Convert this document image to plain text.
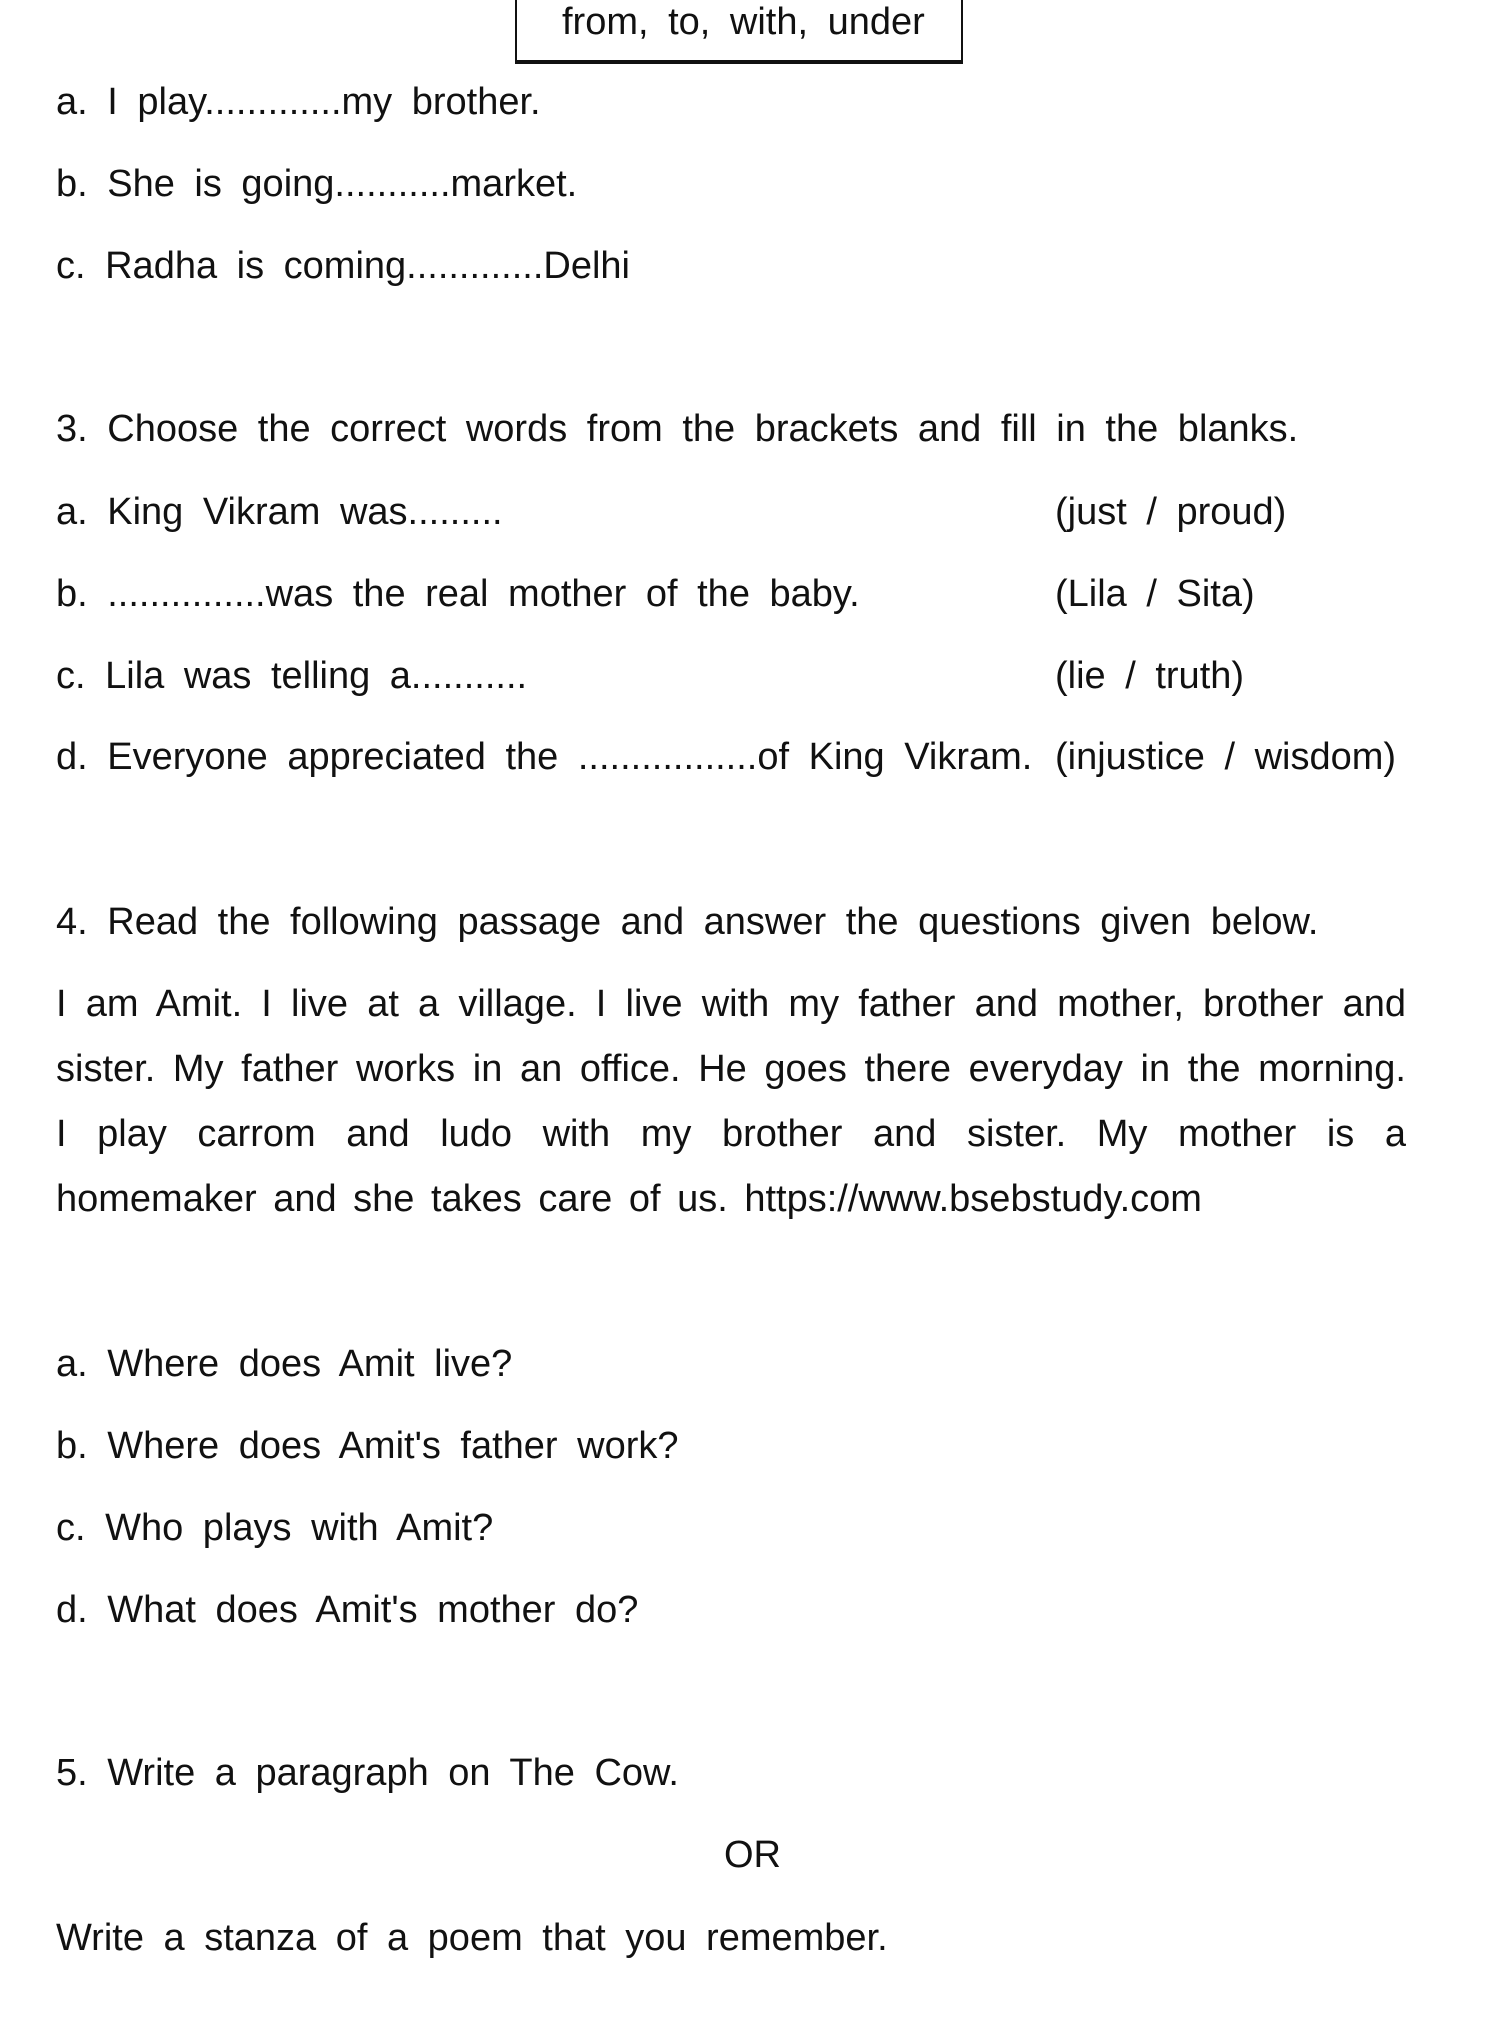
from, to, with, under
a. I play.............my brother.
b. She is going...........market.
c. Radha is coming.............Delhi
3. Choose the correct words from the brackets and fill in the blanks.
a. King Vikram was.........	(just / proud)
b. ...............was the real mother of the baby.	(Lila / Sita)
c. Lila was telling a...........	(lie / truth)
d. Everyone appreciated the .................of King Vikram. (injustice / wisdom)
4. Read the following passage and answer the questions given below.
I am Amit. I live at a village. I live with my father and mother, brother and sister. My father works in an office. He goes there everyday in the morning. I play carrom and ludo with my brother and sister. My mother is a homemaker and she takes care of us. https://www.bsebstudy.com
a. Where does Amit live?
b. Where does Amit's father work?
c. Who plays with Amit?
d. What does Amit's mother do?
5. Write a paragraph on The Cow.
OR
Write a stanza of a poem that you remember.
